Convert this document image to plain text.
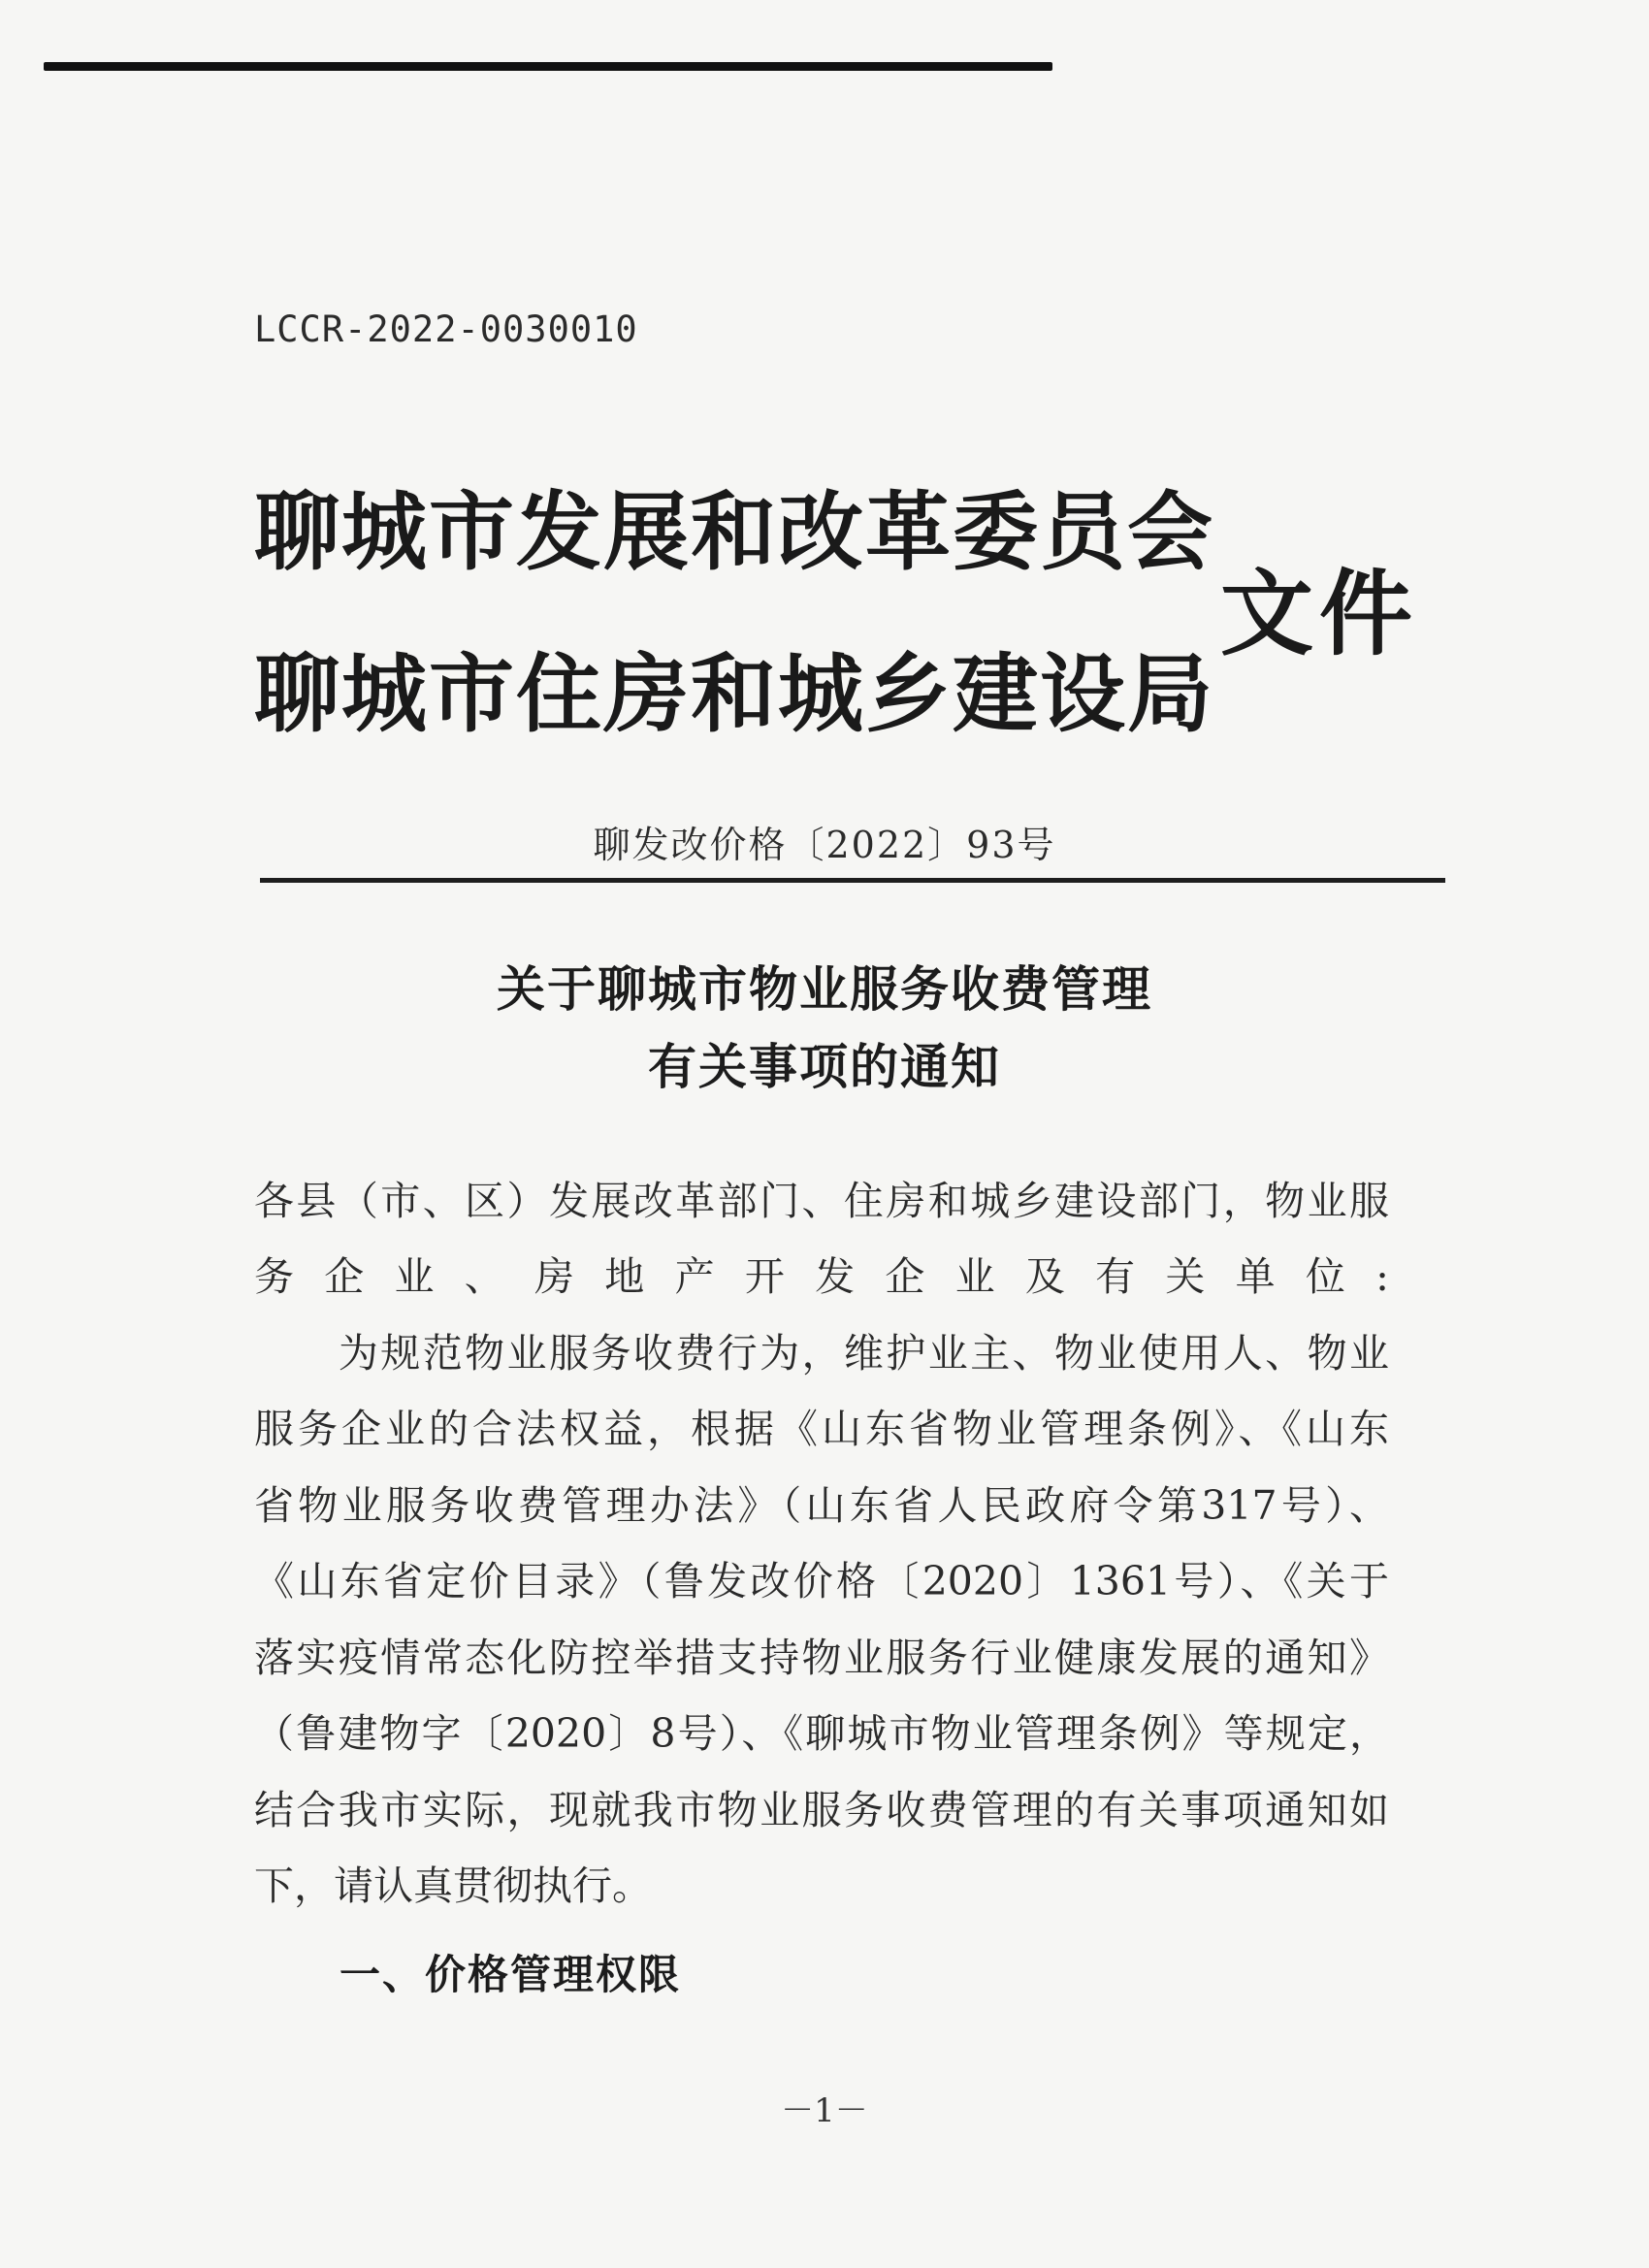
LCCR-2022-0030010
聊城市发展和改革委员会
聊城市住房和城乡建设局
文件
聊发改价格〔2022〕93号
关于聊城市物业服务收费管理
有关事项的通知
各县（市、区）发展改革部门、住房和城乡建设部门，物业服
务企业、房地产开发企业及有关单位:
　　为规范物业服务收费行为，维护业主、物业使用人、物业
服务企业的合法权益，根据《山东省物业管理条例》、《山东
省物业服务收费管理办法》（山东省人民政府令第317号）、
《山东省定价目录》（鲁发改价格〔2020〕1361号）、《关于
落实疫情常态化防控举措支持物业服务行业健康发展的通知》
（鲁建物字〔2020〕8号）、《聊城市物业管理条例》等规定，
结合我市实际，现就我市物业服务收费管理的有关事项通知如
下，请认真贯彻执行。
一、价格管理权限
－1－
